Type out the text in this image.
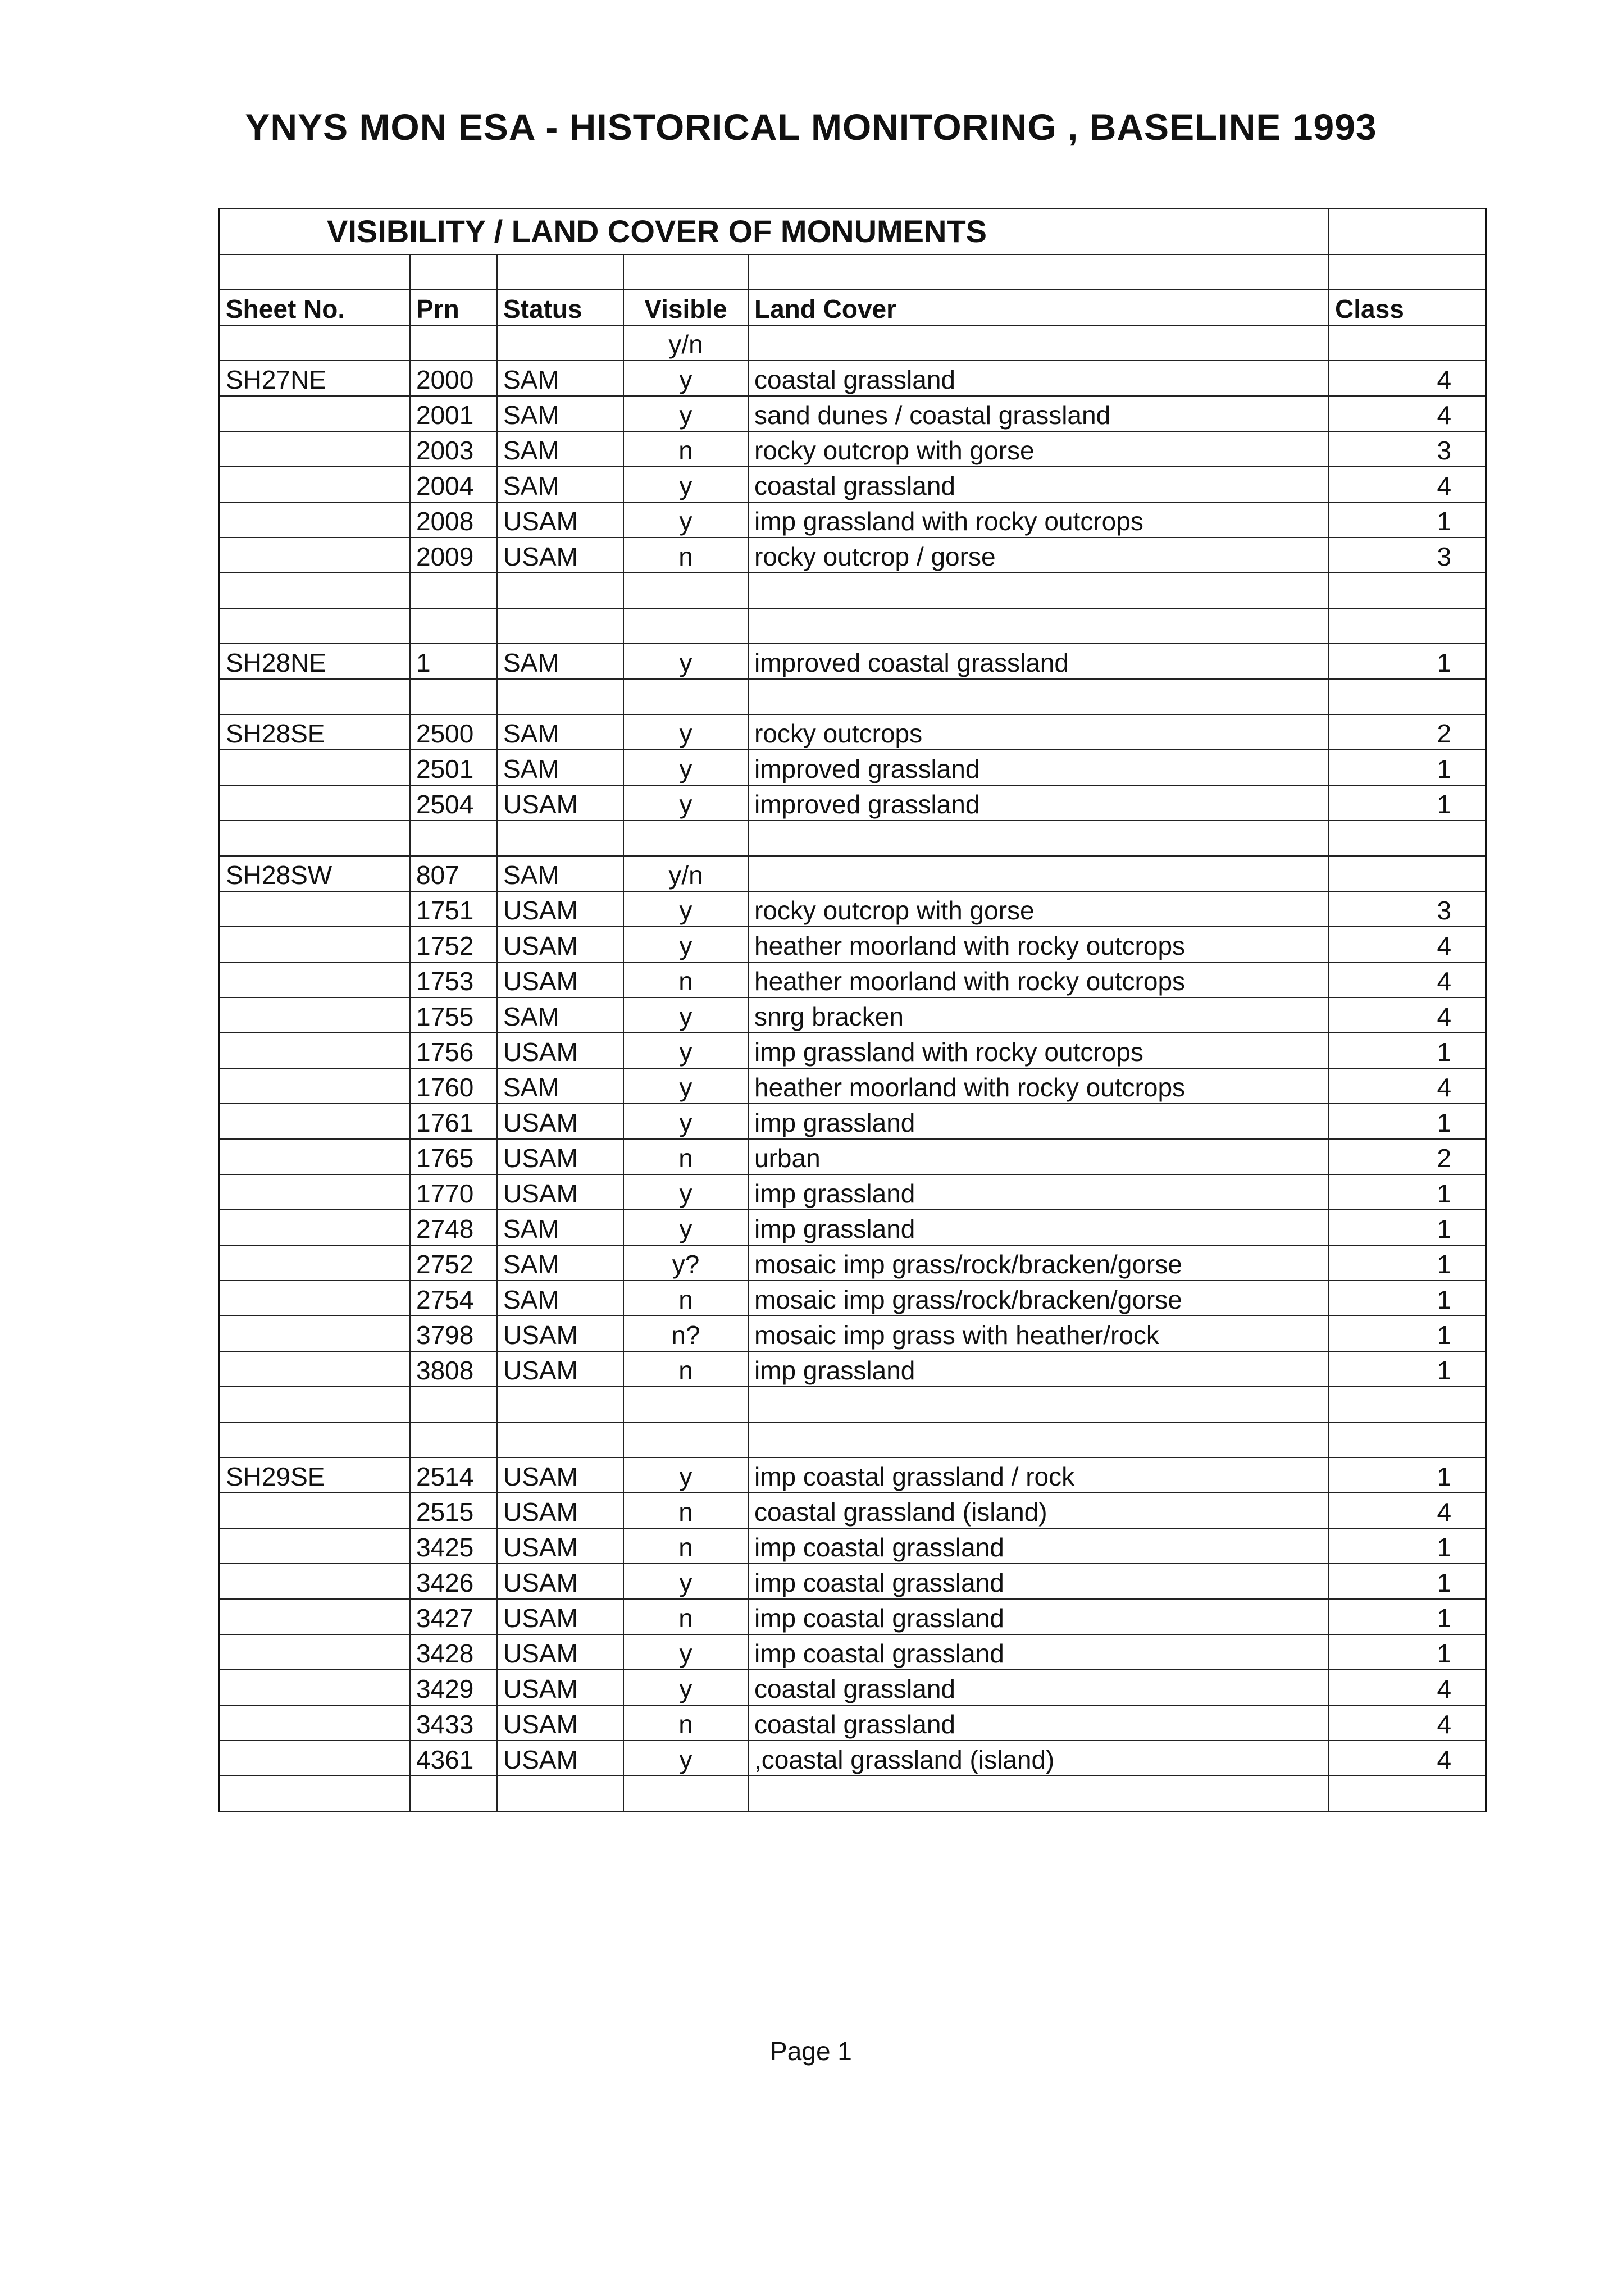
YNYS MON ESA - HISTORICAL MONITORING , BASELINE 1993
VISIBILITY / LAND COVER OF MONUMENTS					

Sheet No.	Prn	Status	Visible	Land Cover	Class
			y/n		
SH27NE	2000	SAM	y	coastal grassland	4
	2001	SAM	y	sand dunes / coastal grassland	4
	2003	SAM	n	rocky outcrop with gorse	3
	2004	SAM	y	coastal grassland	4
	2008	USAM	y	imp grassland with rocky outcrops	1
	2009	USAM	n	rocky outcrop / gorse	3

SH28NE	1	SAM	y	improved coastal grassland	1

SH28SE	2500	SAM	y	rocky outcrops	2
	2501	SAM	y	improved grassland	1
	2504	USAM	y	improved grassland	1

SH28SW	807	SAM	y/n		
	1751	USAM	y	rocky outcrop with gorse	3
	1752	USAM	y	heather moorland with rocky outcrops	4
	1753	USAM	n	heather moorland with rocky outcrops	4
	1755	SAM	y	snrg bracken	4
	1756	USAM	y	imp grassland with rocky outcrops	1
	1760	SAM	y	heather moorland with rocky outcrops	4
	1761	USAM	y	imp grassland	1
	1765	USAM	n	urban	2
	1770	USAM	y	imp grassland	1
	2748	SAM	y	imp grassland	1
	2752	SAM	y?	mosaic imp grass/rock/bracken/gorse	1
	2754	SAM	n	mosaic imp grass/rock/bracken/gorse	1
	3798	USAM	n?	mosaic imp grass with heather/rock	1
	3808	USAM	n	imp grassland	1

SH29SE	2514	USAM	y	imp coastal grassland / rock	1
	2515	USAM	n	coastal grassland (island)	4
	3425	USAM	n	imp coastal grassland	1
	3426	USAM	y	imp coastal grassland	1
	3427	USAM	n	imp coastal grassland	1
	3428	USAM	y	imp coastal grassland	1
	3429	USAM	y	coastal grassland	4
	3433	USAM	n	coastal grassland	4
	4361	USAM	y	,coastal grassland (island)	4

Page 1
